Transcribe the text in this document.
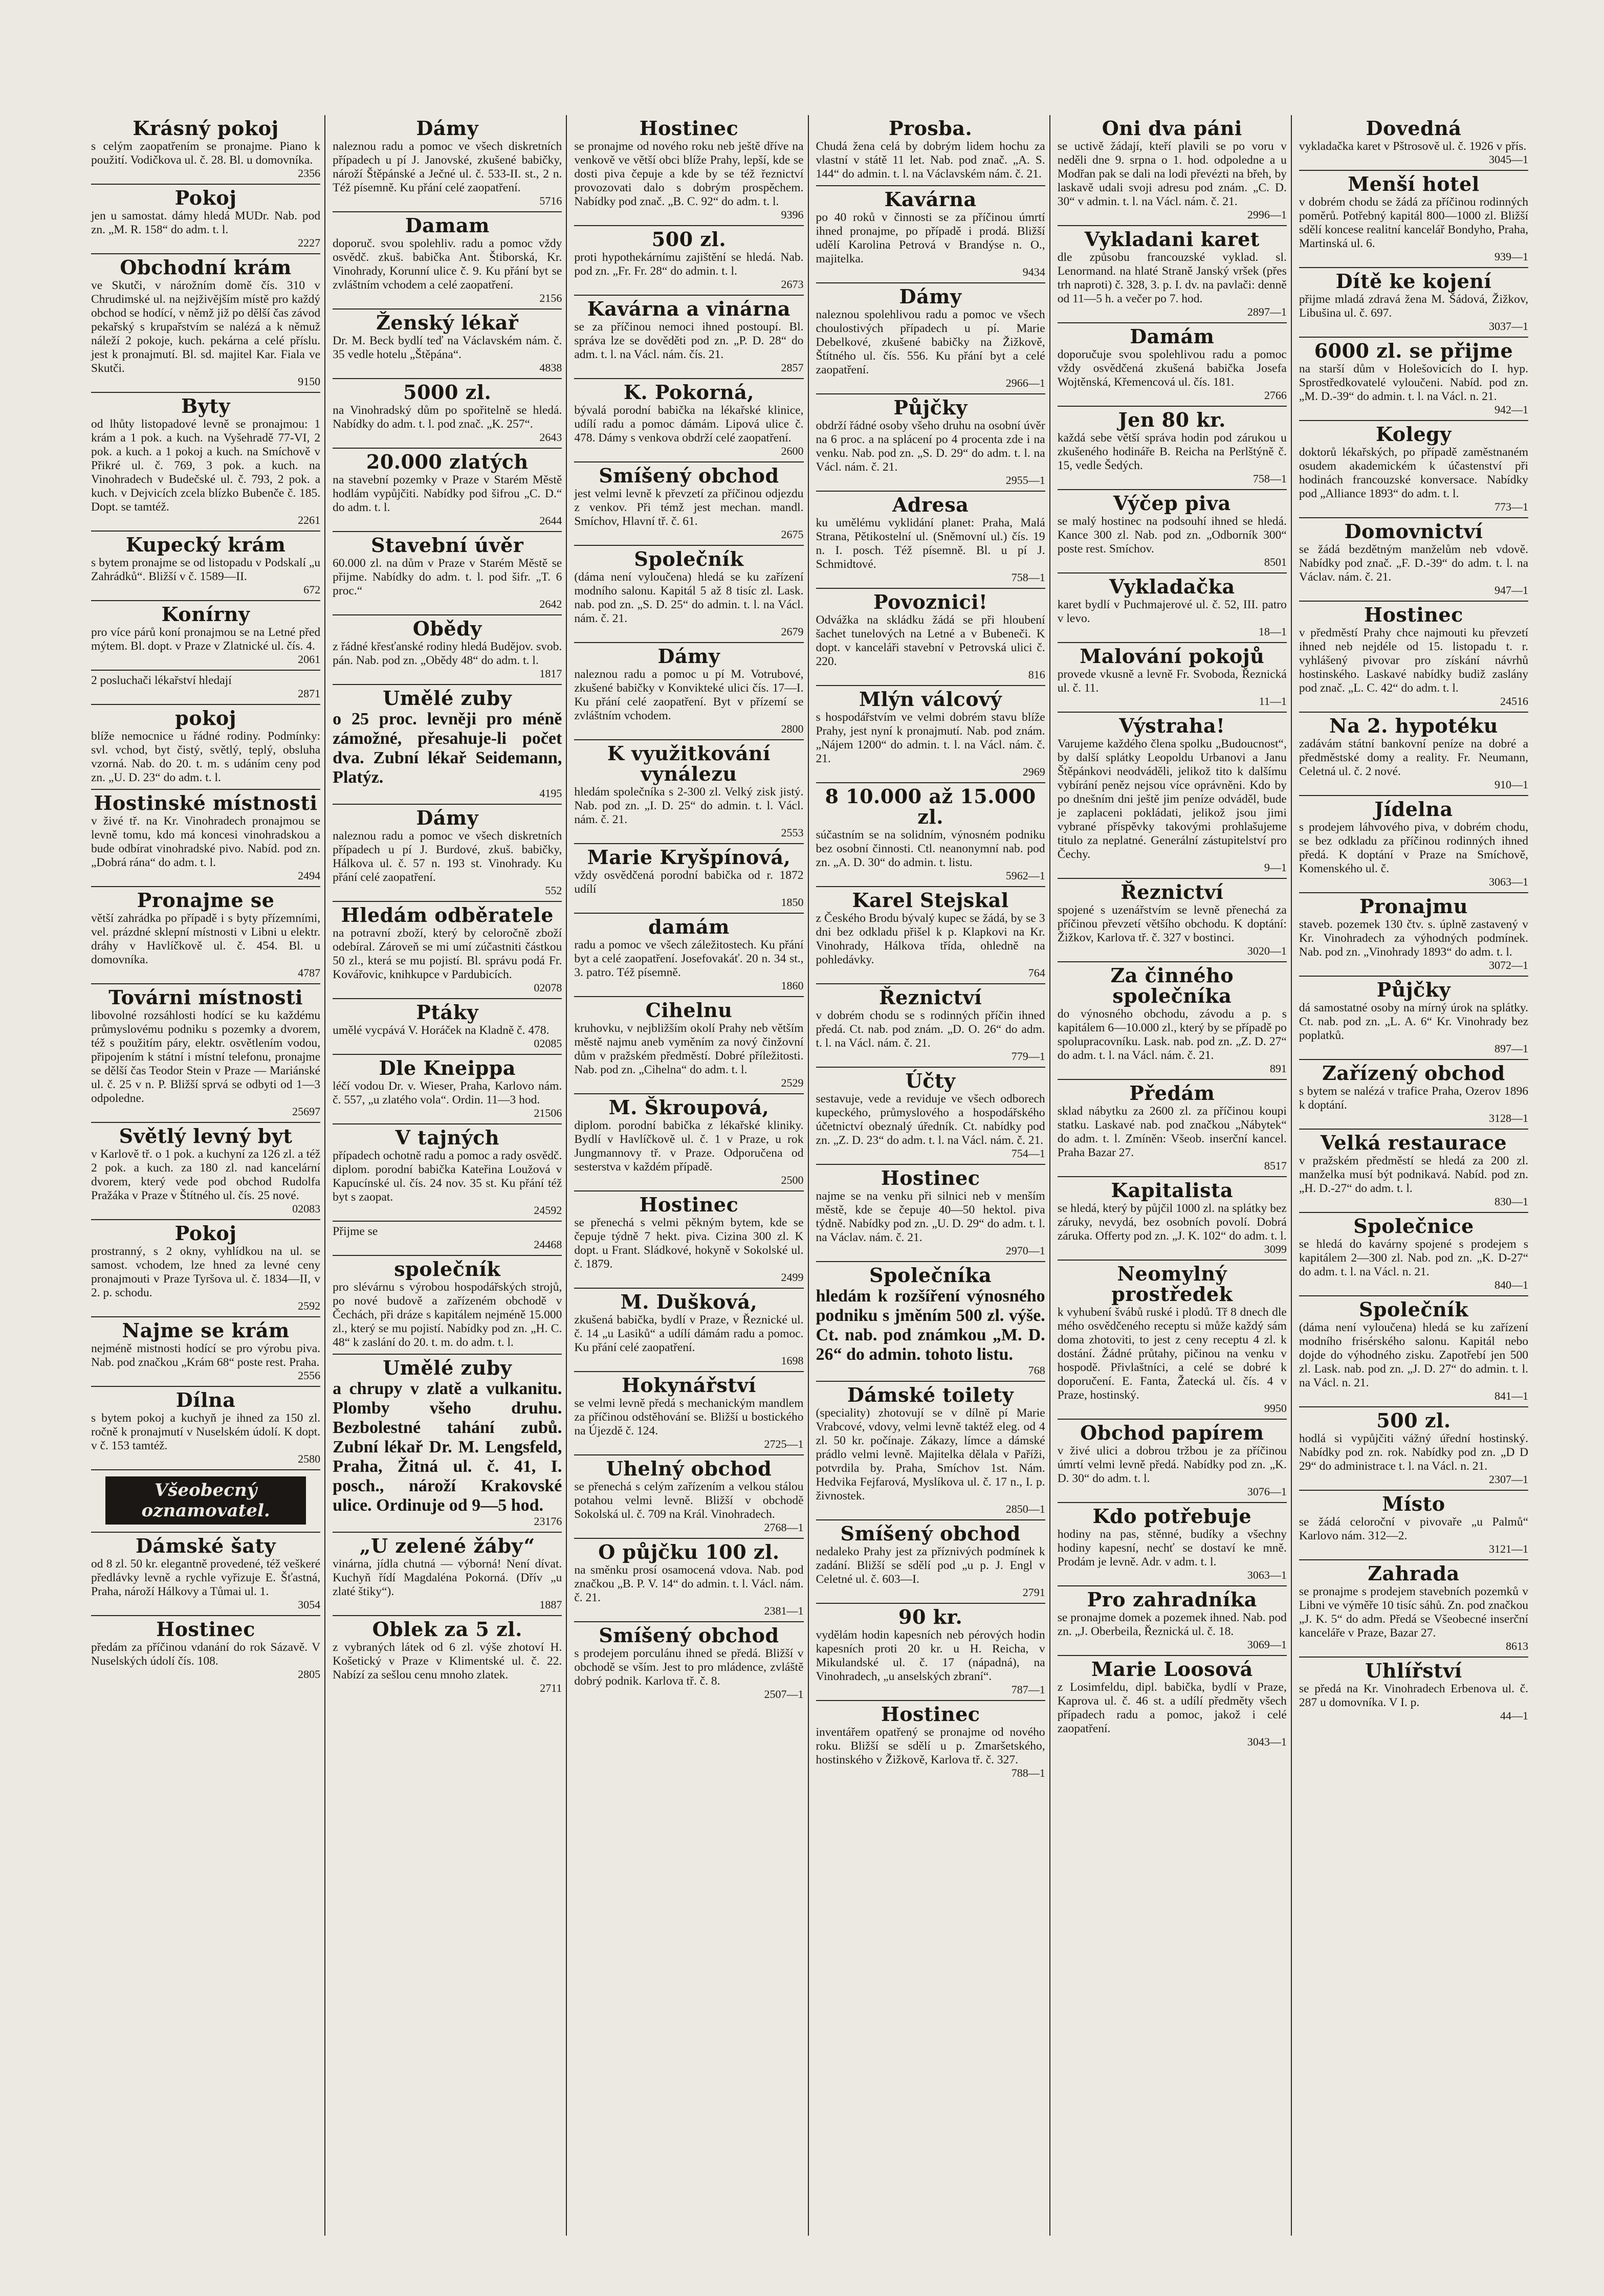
Krásný pokoj
s celým zaopatřením se pronajme. Piano k použití. Vodičkova ul. č. 28. Bl. u domovníka.
2356
Pokoj
jen u samostat. dámy hledá MUDr. Nab. pod zn. „M. R. 158“ do adm. t. l.
2227
Obchodní krám
ve Skutči, v nárožním domě čís. 310 v Chrudimské ul. na nejživějším místě pro každý obchod se hodící, v němž již po dělší čas závod pekařský s krupařstvím se nalézá a k němuž náleží 2 pokoje, kuch. pekárna a celé příslu. jest k pronajmutí. Bl. sd. majitel Kar. Fiala ve Skutči.
9150
Byty
od lhůty listopadové levně se pronajmou: 1 krám a 1 pok. a kuch. na Vyšehradě 77-VI, 2 pok. a kuch. a 1 pokoj a kuch. na Smíchově v Přikré ul. č. 769, 3 pok. a kuch. na Vinohradech v Budečské ul. č. 793, 2 pok. a kuch. v Dejvicích zcela blízko Bubenče č. 185. Dopt. se tamtéž.
2261
Kupecký krám
s bytem pronajme se od listopadu v Podskalí „u Zahrádků“. Bližší v č. 1589—II.
672
Konírny
pro více párů koní pronajmou se na Letné před mýtem. Bl. dopt. v Praze v Zlatnické ul. čís. 4.
2061
2 posluchači lékařství hledají
2871
pokoj
blíže nemocnice u řádné rodiny. Podmínky: svl. vchod, byt čistý, světlý, teplý, obsluha vzorná. Nab. do 20. t. m. s udáním ceny pod zn. „U. D. 23“ do adm. t. l.
Hostinské místnosti
v živé tř. na Kr. Vinohradech pronajmou se levně tomu, kdo má koncesi vinohradskou a bude odbírat vinohradské pivo. Nabíd. pod zn. „Dobrá rána“ do adm. t. l.
2494
Pronajme se
větší zahrádka po případě i s byty přízemními, vel. prázdné sklepní místnosti v Libni u elektr. dráhy v Havlíčkově ul. č. 454. Bl. u domovníka.
4787
Továrni místnosti
libovolné rozsáhlosti hodící se ku každému průmyslovému podniku s pozemky a dvorem, též s použitím páry, elektr. osvětlením vodou, připojením k státní i místní telefonu, pronajme se dělší čas Teodor Stein v Praze — Mariánské ul. č. 25 v n. P. Bližší sprvá se odbyti od 1—3 odpoledne.
25697
Světlý levný byt
v Karlově tř. o 1 pok. a kuchyní za 126 zl. a též 2 pok. a kuch. za 180 zl. nad kancelární dvorem, který vede pod obchod Rudolfa Pražáka v Praze v Štítného ul. čís. 25 nové.
02083
Pokoj
prostranný, s 2 okny, vyhlídkou na ul. se samost. vchodem, lze hned za levné ceny pronajmouti v Praze Tyršova ul. č. 1834—II, v 2. p. schodu.
2592
Najme se krám
nejméně mistnosti hodící se pro výrobu piva. Nab. pod značkou „Krám 68“ poste rest. Praha.
2556
Dílna
s bytem pokoj a kuchyň je ihned za 150 zl. ročně k pronajmutí v Nuselském údolí. K dopt. v č. 153 tamtéž.
2580
Všeobecný oznamovatel.
Dámské šaty
od 8 zl. 50 kr. elegantně provedené, též veškeré předlávky levně a rychle vyřizuje E. Šťastná, Praha, nároží Hálkovy a Tůmai ul. 1.
3054
Hostinec
předám za příčinou vdanání do rok Sázavě. V Nuselských údolí čís. 108.
2805
Dámy
naleznou radu a pomoc ve všech diskretních případech u pí J. Janovské, zkušené babičky, nároží Štěpánské a Ječné ul. č. 533-II. st., 2 n. Též písemně. Ku přání celé zaopatření.
5716
Damam
doporuč. svou spolehliv. radu a pomoc vždy osvědč. zkuš. babička Ant. Štiborská, Kr. Vinohrady, Korunní ulice č. 9. Ku přání byt se zvláštním vchodem a celé zaopatření.
2156
Ženský lékař
Dr. M. Beck bydlí teď na Václavském nám. č. 35 vedle hotelu „Štěpána“.
4838
5000 zl.
na Vinohradský dům po spořitelně se hledá. Nabídky do adm. t. l. pod znač. „K. 257“.
2643
20.000 zlatých
na stavební pozemky v Praze v Starém Městě hodlám vypůjčiti. Nabídky pod šifrou „C. D.“ do adm. t. l.
2644
Stavební úvěr
60.000 zl. na dům v Praze v Starém Městě se přijme. Nabídky do adm. t. l. pod šifr. „T. 6 proc.“
2642
Obědy
z řádné křesťanské rodiny hledá Budějov. svob. pán. Nab. pod zn. „Obědy 48“ do adm. t. l.
1817
Umělé zuby
o 25 proc. levněji pro méně zámožné, přesahuje-li počet dva. Zubní lékař Seidemann, Platýz.
4195
Dámy
naleznou radu a pomoc ve všech diskretních případech u pí J. Burdové, zkuš. babičky, Hálkova ul. č. 57 n. 193 st. Vinohrady. Ku přání celé zaopatření.
552
Hledám odběratele
na potravní zboží, který by celoročně zboží odebíral. Zároveň se mi umí zúčastniti částkou 50 zl., která se mu pojistí. Bl. správu podá Fr. Kovářovic, knihkupce v Pardubicích.
02078
Ptáky
umělé vycpává V. Horáček na Kladně č. 478.
02085
Dle Kneippa
léčí vodou Dr. v. Wieser, Praha, Karlovo nám. č. 557, „u zlatého vola“. Ordin. 11—3 hod.
21506
V tajných
případech ochotně radu a pomoc a rady osvědč. diplom. porodní babička Kateřina Loužová v Kapucínské ul. čís. 24 nov. 35 st. Ku přání též byt s zaopat.
24592
Přijme se
24468
společník
pro slévárnu s výrobou hospodářských strojů, po nové budově a zařízeném obchodě v Čechách, při dráze s kapitálem nejméně 15.000 zl., který se mu pojistí. Nabídky pod zn. „H. C. 48“ k zaslání do 20. t. m. do adm. t. l.
Umělé zuby
a chrupy v zlatě a vulkanitu. Plomby všeho druhu. Bezbolestné tahání zubů. Zubní lékař Dr. M. Lengsfeld, Praha, Žitná ul. č. 41, I. posch., nároží Krakovské ulice. Ordinuje od 9—5 hod.
23176
„U zelené žáby“
vinárna, jídla chutná — výborná! Není dívat. Kuchyň řídí Magdaléna Pokorná. (Dřív „u zlaté štiky“).
1887
Oblek za 5 zl.
z vybraných látek od 6 zl. výše zhotoví H. Košetický v Praze v Klimentské ul. č. 22. Nabízí za sešlou cenu mnoho zlatek.
2711
Hostinec
se pronajme od nového roku neb ještě dříve na venkově ve větší obci blíže Prahy, lepší, kde se dosti piva čepuje a kde by se též řeznictví provozovati dalo s dobrým prospěchem. Nabídky pod znač. „B. C. 92“ do adm. t. l.
9396
500 zl.
proti hypothekárnímu zajištění se hledá. Nab. pod zn. „Fr. Fr. 28“ do admin. t. l.
2673
Kavárna a vinárna
se za příčinou nemoci ihned postoupí. Bl. správa lze se dověděti pod zn. „P. D. 28“ do adm. t. l. na Václ. nám. čís. 21.
2857
K. Pokorná,
bývalá porodní babička na lékařské klinice, udílí radu a pomoc dámám. Lipová ulice č. 478. Dámy s venkova obdrží celé zaopatření.
2600
Smíšený obchod
jest velmi levně k převzetí za příčinou odjezdu z venkov. Při témž jest mechan. mandl. Smíchov, Hlavní tř. č. 61.
2675
Společník
(dáma není vyloučena) hledá se ku zařízení modního salonu. Kapitál 5 až 8 tisíc zl. Lask. nab. pod zn. „S. D. 25“ do admin. t. l. na Václ. nám. č. 21.
2679
Dámy
naleznou radu a pomoc u pí M. Votrubové, zkušené babičky v Konvikteké ulici čís. 17—I. Ku přání celé zaopatření. Byt v přízemí se zvláštním vchodem.
2800
K využitkování vynálezu
hledám společníka s 2-300 zl. Velký zisk jistý. Nab. pod zn. „I. D. 25“ do admin. t. l. Václ. nám. č. 21.
2553
Marie Kryšpínová,
vždy osvědčená porodní babička od r. 1872 udílí
1850
damám
radu a pomoc ve všech záležitostech. Ku přání byt a celé zaopatření. Josefovakáť. 20 n. 34 st., 3. patro. Též písemně.
1860
Cihelnu
kruhovku, v nejbližším okolí Prahy neb větším městě najmu aneb vyměním za nový činžovní dům v pražském předměstí. Dobré příležitosti. Nab. pod zn. „Cihelna“ do adm. t. l.
2529
M. Škroupová,
diplom. porodní babička z lékařské kliniky. Bydlí v Havlíčkově ul. č. 1 v Praze, u rok Jungmannovy tř. v Praze. Odporučena od sesterstva v každém případě.
2500
Hostinec
se přenechá s velmi pěkným bytem, kde se čepuje týdně 7 hekt. piva. Cizina 300 zl. K dopt. u Frant. Sládkové, hokyně v Sokolské ul. č. 1879.
2499
M. Dušková,
zkušená babička, bydlí v Praze, v Řeznické ul. č. 14 „u Lasiků“ a udílí dámám radu a pomoc. Ku přání celé zaopatření.
1698
Hokynářství
se velmi levně předá s mechanickým mandlem za příčinou odstěhování se. Bližší u bostického na Újezdě č. 124.
2725—1
Uhelný obchod
se přenechá s celým zařízením a velkou stálou potahou velmi levně. Bližší v obchodě Sokolská ul. č. 709 na Král. Vinohradech.
2768—1
O půjčku 100 zl.
na směnku prosí osamocená vdova. Nab. pod značkou „B. P. V. 14“ do admin. t. l. Václ. nám. č. 21.
2381—1
Smíšený obchod
s prodejem porculánu ihned se předá. Bližší v obchodě se vším. Jest to pro mládence, zvláště dobrý podnik. Karlova tř. č. 8.
2507—1
Prosba.
Chudá žena celá by dobrým lidem hochu za vlastní v státě 11 let. Nab. pod znač. „A. S. 144“ do admin. t. l. na Václavském nám. č. 21.
Kavárna
po 40 roků v činnosti se za příčinou úmrtí ihned pronajme, po případě i prodá. Bližší udělí Karolina Petrová v Brandýse n. O., majitelka.
9434
Dámy
naleznou spolehlivou radu a pomoc ve všech choulostivých případech u pí. Marie Debelkové, zkušené babičky na Žižkově, Štítného ul. čís. 556. Ku přání byt a celé zaopatření.
2966—1
Půjčky
obdrží řádné osoby všeho druhu na osobní úvěr na 6 proc. a na splácení po 4 procenta zde i na venku. Nab. pod zn. „S. D. 29“ do adm. t. l. na Václ. nám. č. 21.
2955—1
Adresa
ku umělému vyklidání planet: Praha, Malá Strana, Pětikostelní ul. (Sněmovní ul.) čís. 19 n. I. posch. Též písemně. Bl. u pí J. Schmidtové.
758—1
Povoznici!
Odvážka na skládku žádá se při hloubení šachet tunelových na Letné a v Bubeneči. K dopt. v kanceláři stavební v Petrovská ulici č. 220.
816
Mlýn válcový
s hospodářstvím ve velmi dobrém stavu blíže Prahy, jest nyní k pronajmutí. Nab. pod znám. „Nájem 1200“ do admin. t. l. na Václ. nám. č. 21.
2969
8 10.000 až 15.000 zl.
súčastním se na solidním, výnosném podniku bez osobní činnosti. Ctl. neanonymní nab. pod zn. „A. D. 30“ do admin. t. listu.
5962—1
Karel Stejskal
z Českého Brodu bývalý kupec se žádá, by se 3 dni bez odkladu přišel k p. Klapkovi na Kr. Vinohrady, Hálkova třída, ohledně na pohledávky.
764
Řeznictví
v dobrém chodu se s rodinných příčin ihned předá. Ct. nab. pod znám. „D. O. 26“ do adm. t. l. na Václ. nám. č. 21.
779—1
Účty
sestavuje, vede a reviduje ve všech odborech kupeckého, průmyslového a hospodářského účetnictví obeznalý úředník. Ct. nabídky pod zn. „Z. D. 23“ do adm. t. l. na Václ. nám. č. 21.
754—1
Hostinec
najme se na venku při silnici neb v menším městě, kde se čepuje 40—50 hektol. piva týdně. Nabídky pod zn. „U. D. 29“ do adm. t. l. na Václav. nám. č. 21.
2970—1
Společníka
hledám k rozšíření výnosného podniku s jměním 500 zl. výše. Ct. nab. pod známkou „M. D. 26“ do admin. tohoto listu.
768
Dámské toilety
(speciality) zhotovují se v dílně pí Marie Vrabcové, vdovy, velmi levně taktéž eleg. od 4 zl. 50 kr. počínaje. Zákazy, límce a dámské prádlo velmi levně. Majitelka dělala v Paříži, potvrdila by. Praha, Smíchov 1st. Nám. Hedvika Fejfarová, Myslíkova ul. č. 17 n., I. p. živnostek.
2850—1
Smíšený obchod
nedaleko Prahy jest za příznivých podmínek k zadání. Bližší se sdělí pod „u p. J. Engl v Celetné ul. č. 603—I.
2791
90 kr.
vydělám hodin kapesních neb pérových hodin kapesních proti 20 kr. u H. Reicha, v Mikulandské ul. č. 17 (nápadná), na Vinohradech, „u anselských zbraní“.
787—1
Hostinec
inventářem opatřený se pronajme od nového roku. Bližší se sdělí u p. Zmaršetského, hostinského v Žižkově, Karlova tř. č. 327.
788—1
Oni dva páni
se uctivě žádají, kteří plavili se po voru v neděli dne 9. srpna o 1. hod. odpoledne a u Modřan pak se dali na lodi převézti na břeh, by laskavě udali svoji adresu pod znám. „C. D. 30“ v admin. t. l. na Václ. nám. č. 21.
2996—1
Vykladani karet
dle způsobu francouzské vyklad. sl. Lenormand. na hlaté Straně Janský vršek (přes trh naproti) č. 328, 3. p. I. dv. na pavlači: denně od 11—5 h. a večer po 7. hod.
2897—1
Damám
doporučuje svou spolehlivou radu a pomoc vždy osvědčená zkušená babička Josefa Wojtěnská, Křemencová ul. čís. 181.
2766
Jen 80 kr.
každá sebe větší správa hodin pod zárukou u zkušeného hodináře B. Reicha na Perlštýně č. 15, vedle Šedých.
758—1
Výčep piva
se malý hostinec na podsouhí ihned se hledá. Kance 300 zl. Nab. pod zn. „Odborník 300“ poste rest. Smíchov.
8501
Vykladačka
karet bydlí v Puchmajerové ul. č. 52, III. patro v levo.
18—1
Malování pokojů
provede vkusně a levně Fr. Svoboda, Řeznická ul. č. 11.
11—1
Výstraha!
Varujeme každého člena spolku „Budoucnost“, by další splátky Leopoldu Urbanovi a Janu Štěpánkovi neodváděli, jelikož tito k dalšímu vybírání peněz nejsou více oprávněni. Kdo by po dnešním dni ještě jim peníze odváděl, bude je zaplaceni pokládati, jelikož jsou jimi vybrané příspěvky takovými prohlašujeme titulo za neplatné. Generální zástupitelství pro Čechy.
9—1
Řeznictví
spojené s uzenářstvím se levně přenechá za příčinou převzetí většího obchodu. K doptání: Žižkov, Karlova tř. č. 327 v bostinci.
3020—1
Za činného společníka
do výnosného obchodu, závodu a p. s kapitálem 6—10.000 zl., který by se případě po spolupracovníku. Lask. nab. pod zn. „Z. D. 27“ do adm. t. l. na Václ. nám. č. 21.
891
Předám
sklad nábytku za 2600 zl. za příčinou koupi statku. Laskavé nab. pod značkou „Nábytek“ do adm. t. l. Zmíněn: Všeob. inserční kancel. Praha Bazar 27.
8517
Kapitalista
se hledá, který by půjčil 1000 zl. na splátky bez záruky, nevydá, bez osobních povolí. Dobrá záruka. Offerty pod zn. „J. K. 102“ do adm. t. l.
3099
Neomylný prostředek
k vyhubení švábů ruské i plodů. Tř 8 dnech dle mého osvědčeného receptu si může každý sám doma zhotoviti, to jest z ceny receptu 4 zl. k dostání. Žádné průtahy, pičinou na venku v hospodě. Přivlaštníci, a celé se dobré k doporučení. E. Fanta, Žatecká ul. čís. 4 v Praze, hostinský.
9950
Obchod papírem
v živé ulici a dobrou tržbou je za příčinou úmrtí velmi levně předá. Nabídky pod zn. „K. D. 30“ do adm. t. l.
3076—1
Kdo potřebuje
hodiny na pas, stěnné, budíky a všechny hodiny kapesní, nechť se dostaví ke mně. Prodám je levně. Adr. v adm. t. l.
3063—1
Pro zahradníka
se pronajme domek a pozemek ihned. Nab. pod zn. „J. Oberbeila, Řeznická ul. č. 18.
3069—1
Marie Loosová
z Losimfeldu, dipl. babička, bydlí v Praze, Kaprova ul. č. 46 st. a udílí předměty všech případech radu a pomoc, jakož i celé zaopatření.
3043—1
Dovedná
vykladačka karet v Pštrosově ul. č. 1926 v přís.
3045—1
Menší hotel
v dobrém chodu se žádá za příčinou rodinných poměrů. Potřebný kapitál 800—1000 zl. Bližší sdělí koncese realitní kancelář Bondyho, Praha, Martinská ul. 6.
939—1
Dítě ke kojení
přijme mladá zdravá žena M. Šádová, Žižkov, Libušina ul. č. 697.
3037—1
6000 zl. se přijme
na starší dům v Holešovicích do I. hyp. Sprostředkovatelé vyloučeni. Nabíd. pod zn. „M. D.-39“ do admin. t. l. na Václ. n. 21.
942—1
Kolegy
doktorů lékařských, po případě zaměstnaném osudem akademickém k účastenství při hodinách francouzské konversace. Nabídky pod „Alliance 1893“ do adm. t. l.
773—1
Domovnictví
se žádá bezdětným manželům neb vdově. Nabídky pod znač. „F. D.-39“ do adm. t. l. na Václav. nám. č. 21.
947—1
Hostinec
v předměstí Prahy chce najmouti ku převzetí ihned neb nejdéle od 15. listopadu t. r. vyhlášený pivovar pro získání návrhů hostinského. Laskavé nabídky budiž zaslány pod znač. „L. C. 42“ do adm. t. l.
24516
Na 2. hypotéku
zadávám státní bankovní peníze na dobré a předměstské domy a reality. Fr. Neumann, Celetná ul. č. 2 nové.
910—1
Jídelna
s prodejem láhvového piva, v dobrém chodu, se bez odkladu za příčinou rodinných ihned předá. K doptání v Praze na Smíchově, Komenského ul. č.
3063—1
Pronajmu
staveb. pozemek 130 čtv. s. úplně zastavený v Kr. Vinohradech za výhodných podmínek. Nab. pod zn. „Vinohrady 1893“ do adm. t. l.
3072—1
Půjčky
dá samostatné osoby na mírný úrok na splátky. Ct. nab. pod zn. „L. A. 6“ Kr. Vinohrady bez poplatků.
897—1
Zařízený obchod
s bytem se nalézá v trafice Praha, Ozerov 1896 k doptání.
3128—1
Velká restaurace
v pražském předměstí se hledá za 200 zl. manželka musí být podnikavá. Nabíd. pod zn. „H. D.-27“ do adm. t. l.
830—1
Společnice
se hledá do kavárny spojené s prodejem s kapitálem 2—300 zl. Nab. pod zn. „K. D-27“ do adm. t. l. na Václ. n. 21.
840—1
Společník
(dáma není vyloučena) hledá se ku zařízení modního frisérského salonu. Kapitál nebo dojde do výhodného zisku. Zapotřebí jen 500 zl. Lask. nab. pod zn. „J. D. 27“ do admin. t. l. na Václ. n. 21.
841—1
500 zl.
hodlá si vypůjčiti vážný úřední hostinský. Nabídky pod zn. rok. Nabídky pod zn. „D D 29“ do administrace t. l. na Václ. n. 21.
2307—1
Místo
se žádá celoroční v pivovaře „u Palmů“ Karlovo nám. 312—2.
3121—1
Zahrada
se pronajme s prodejem stavebních pozemků v Libni ve výměře 10 tisíc sáhů. Zn. pod značkou „J. K. 5“ do adm. Předá se Všeobecné inserční kanceláře v Praze, Bazar 27.
8613
Uhlířství
se předá na Kr. Vinohradech Erbenova ul. č. 287 u domovníka. V I. p.
44—1
